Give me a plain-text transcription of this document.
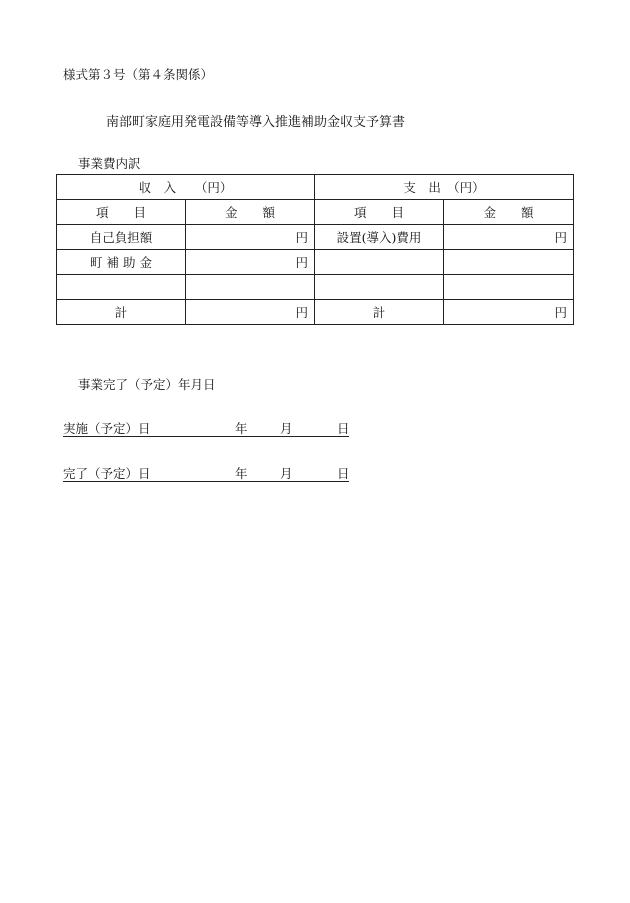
様式第３号（第４条関係）
南部町家庭用発電設備等導入推進補助金収支予算書
事業費内訳
収　入　　（円）		支　出　（円）	
項　　目	金　　額	項　　目	金　　額
自己負担額	円	設置(導入)費用	円
町 補 助 金	円		

計	円	計	円
事業完了（予定）年月日
実施（予定）日	年	月	日
完了（予定）日	年	月	日
